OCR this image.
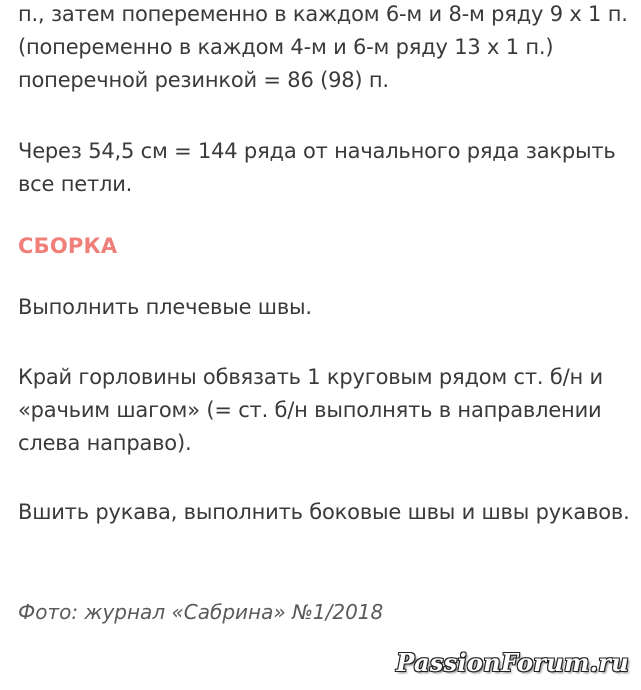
п., затем попеременно в каждом 6-м и 8-м ряду 9 х 1 п. (попеременно в каждом 4-м и 6-м ряду 13 х 1 п.) поперечной резинкой = 86 (98) п.

Через 54,5 см = 144 ряда от начального ряда закрыть все петли.

СБОРКА

Выполнить плечевые швы.

Край горловины обвязать 1 круговым рядом ст. б/н и «рачьим шагом» (= ст. б/н выполнять в направлении слева направо).

Вшить рукава, выполнить боковые швы и швы рукавов.

Фото: журнал «Сабрина» №1/2018

PassionForum.ru
